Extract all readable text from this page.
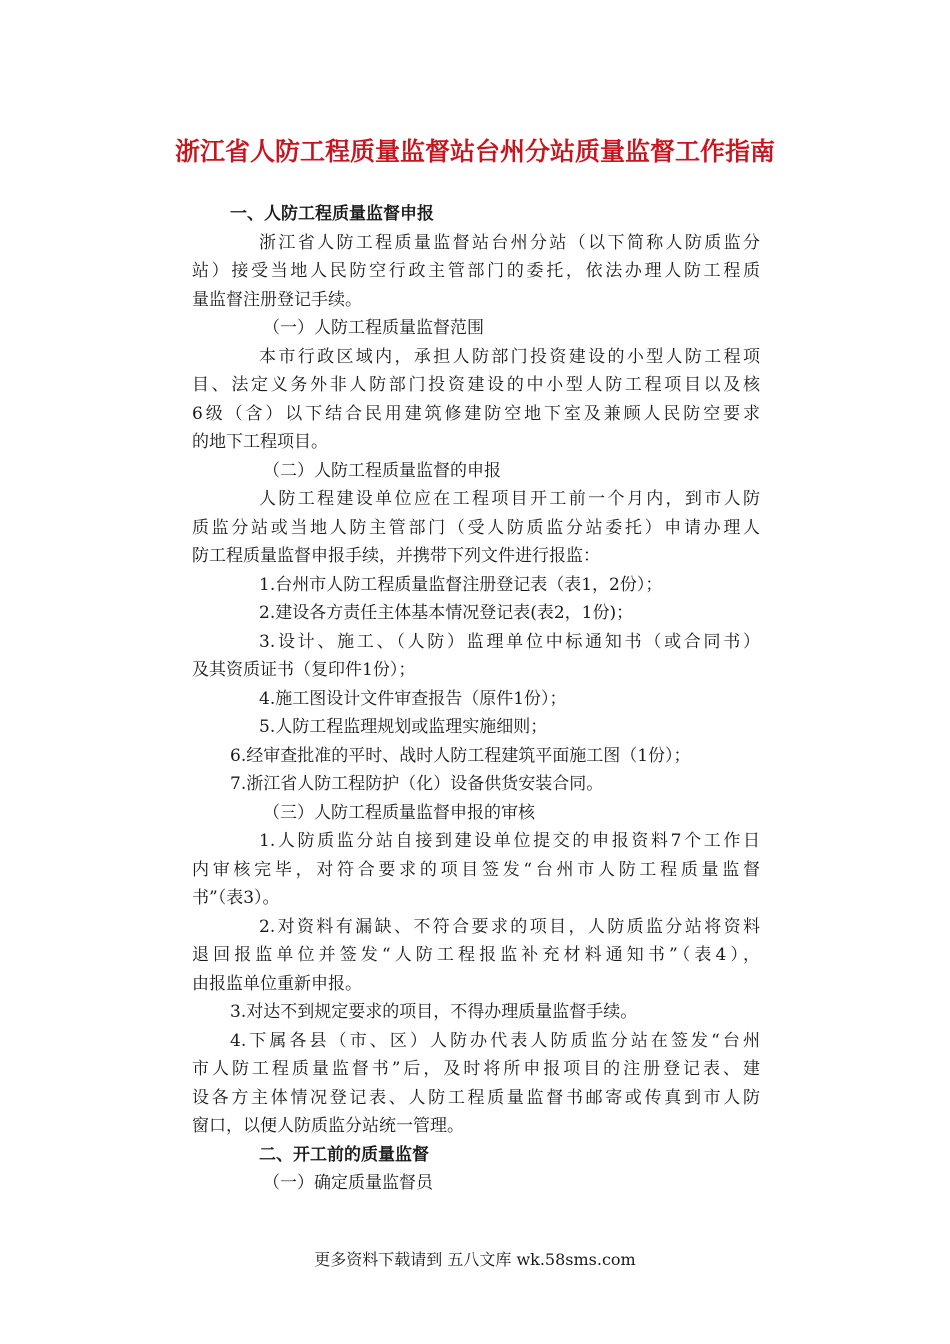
浙江省人防工程质量监督站台州分站质量监督工作指南

一、人防工程质量监督申报

浙江省人防工程质量监督站台州分站（以下简称人防质监分

站）接受当地人民防空行政主管部门的委托，依法办理人防工程质

量监督注册登记手续。

（一）人防工程质量监督范围

本市行政区域内，承担人防部门投资建设的小型人防工程项

目、法定义务外非人防部门投资建设的中小型人防工程项目以及核

6级（含）以下结合民用建筑修建防空地下室及兼顾人民防空要求

的地下工程项目。

（二）人防工程质量监督的申报

人防工程建设单位应在工程项目开工前一个月内，到市人防

质监分站或当地人防主管部门（受人防质监分站委托）申请办理人

防工程质量监督申报手续，并携带下列文件进行报监：

1.台州市人防工程质量监督注册登记表（表1，2份）；

2.建设各方责任主体基本情况登记表(表2，1份)；

3.设计、施工、（人防）监理单位中标通知书（或合同书）

及其资质证书（复印件1份）；

4.施工图设计文件审查报告（原件1份）；

5.人防工程监理规划或监理实施细则；

6.经审查批准的平时、战时人防工程建筑平面施工图（1份）；

7.浙江省人防工程防护（化）设备供货安装合同。

（三）人防工程质量监督申报的审核

1.人防质监分站自接到建设单位提交的申报资料7个工作日

内审核完毕，对符合要求的项目签发“台州市人防工程质量监督

书”（表3）。

2.对资料有漏缺、不符合要求的项目，人防质监分站将资料

退回报监单位并签发“人防工程报监补充材料通知书”（表4），

由报监单位重新申报。

3.对达不到规定要求的项目，不得办理质量监督手续。

4.下属各县（市、区）人防办代表人防质监分站在签发“台州

市人防工程质量监督书”后，及时将所申报项目的注册登记表、建

设各方主体情况登记表、人防工程质量监督书邮寄或传真到市人防

窗口，以便人防质监分站统一管理。

二、开工前的质量监督

（一）确定质量监督员

更多资料下载请到 五八文库 wk.58sms.com
